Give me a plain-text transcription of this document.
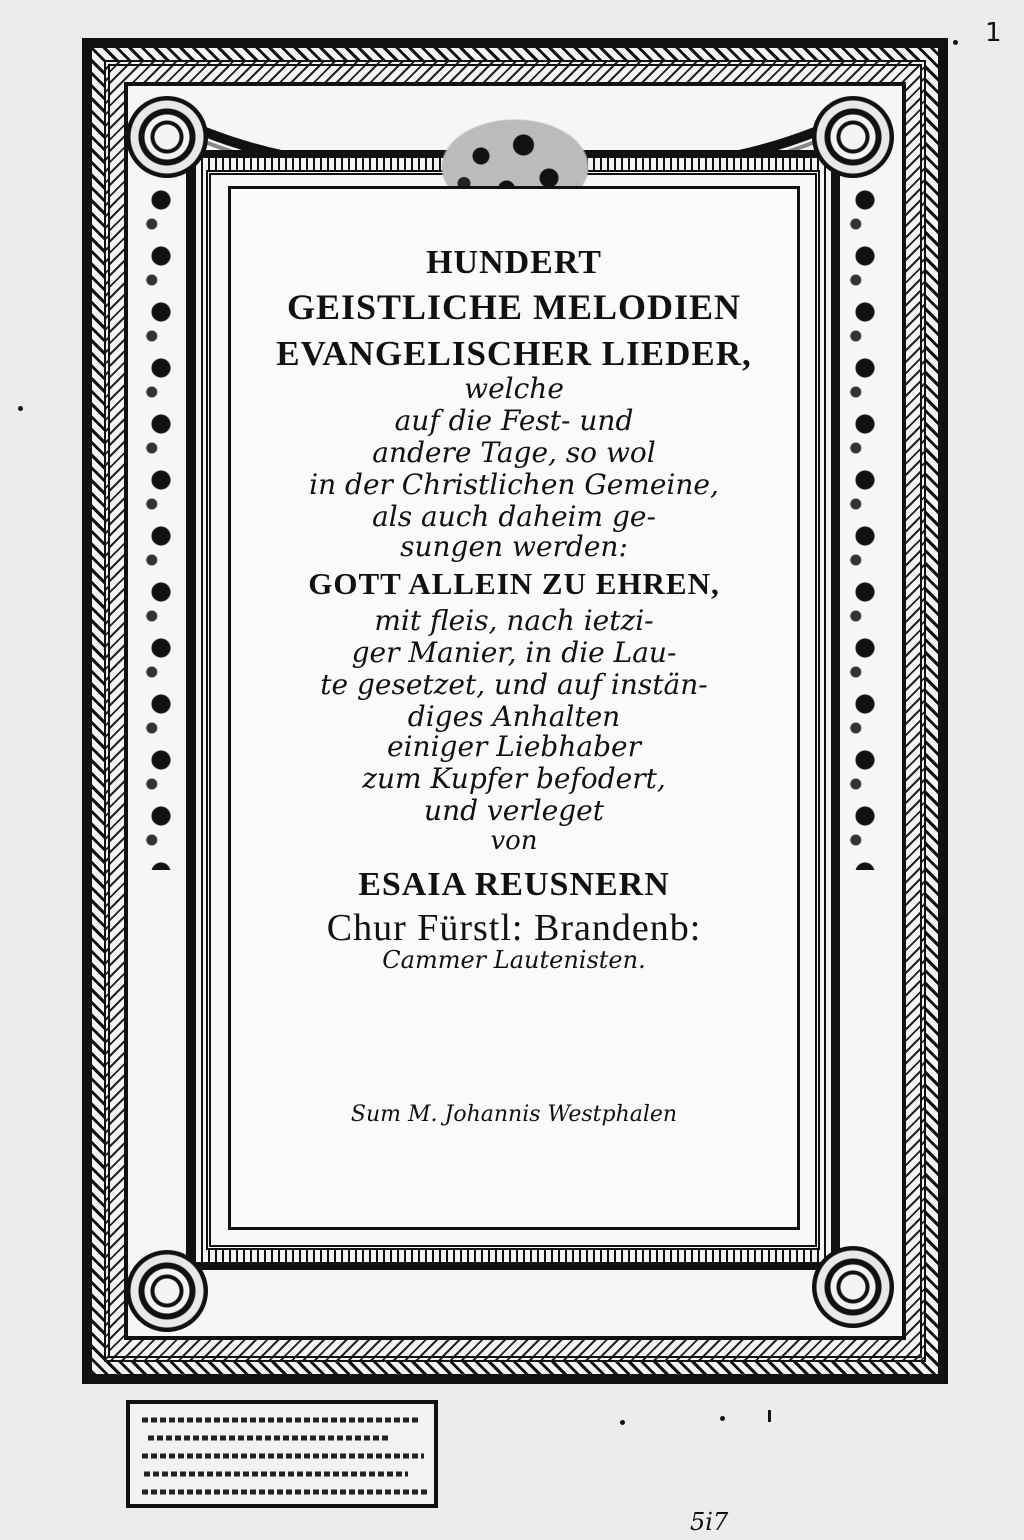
1
HUNDERT
GEISTLICHE MELODIEN
EVANGELISCHER LIEDER,
welche
auf die Fest- und
andere Tage, so wol
in der Christlichen Gemeine,
als auch daheim ge-
sungen werden:
GOTT ALLEIN ZU EHREN,
mit fleis, nach ietzi-
ger Manier, in die Lau-
te gesetzet, und auf instän-
diges Anhalten
einiger Liebhaber
zum Kupfer befodert,
und verleget
von
ESAIA REUSNERN
Chur Fürstl: Brandenb:
Cammer Lautenisten.
Sum M. Johannis Westphalen
5i7
